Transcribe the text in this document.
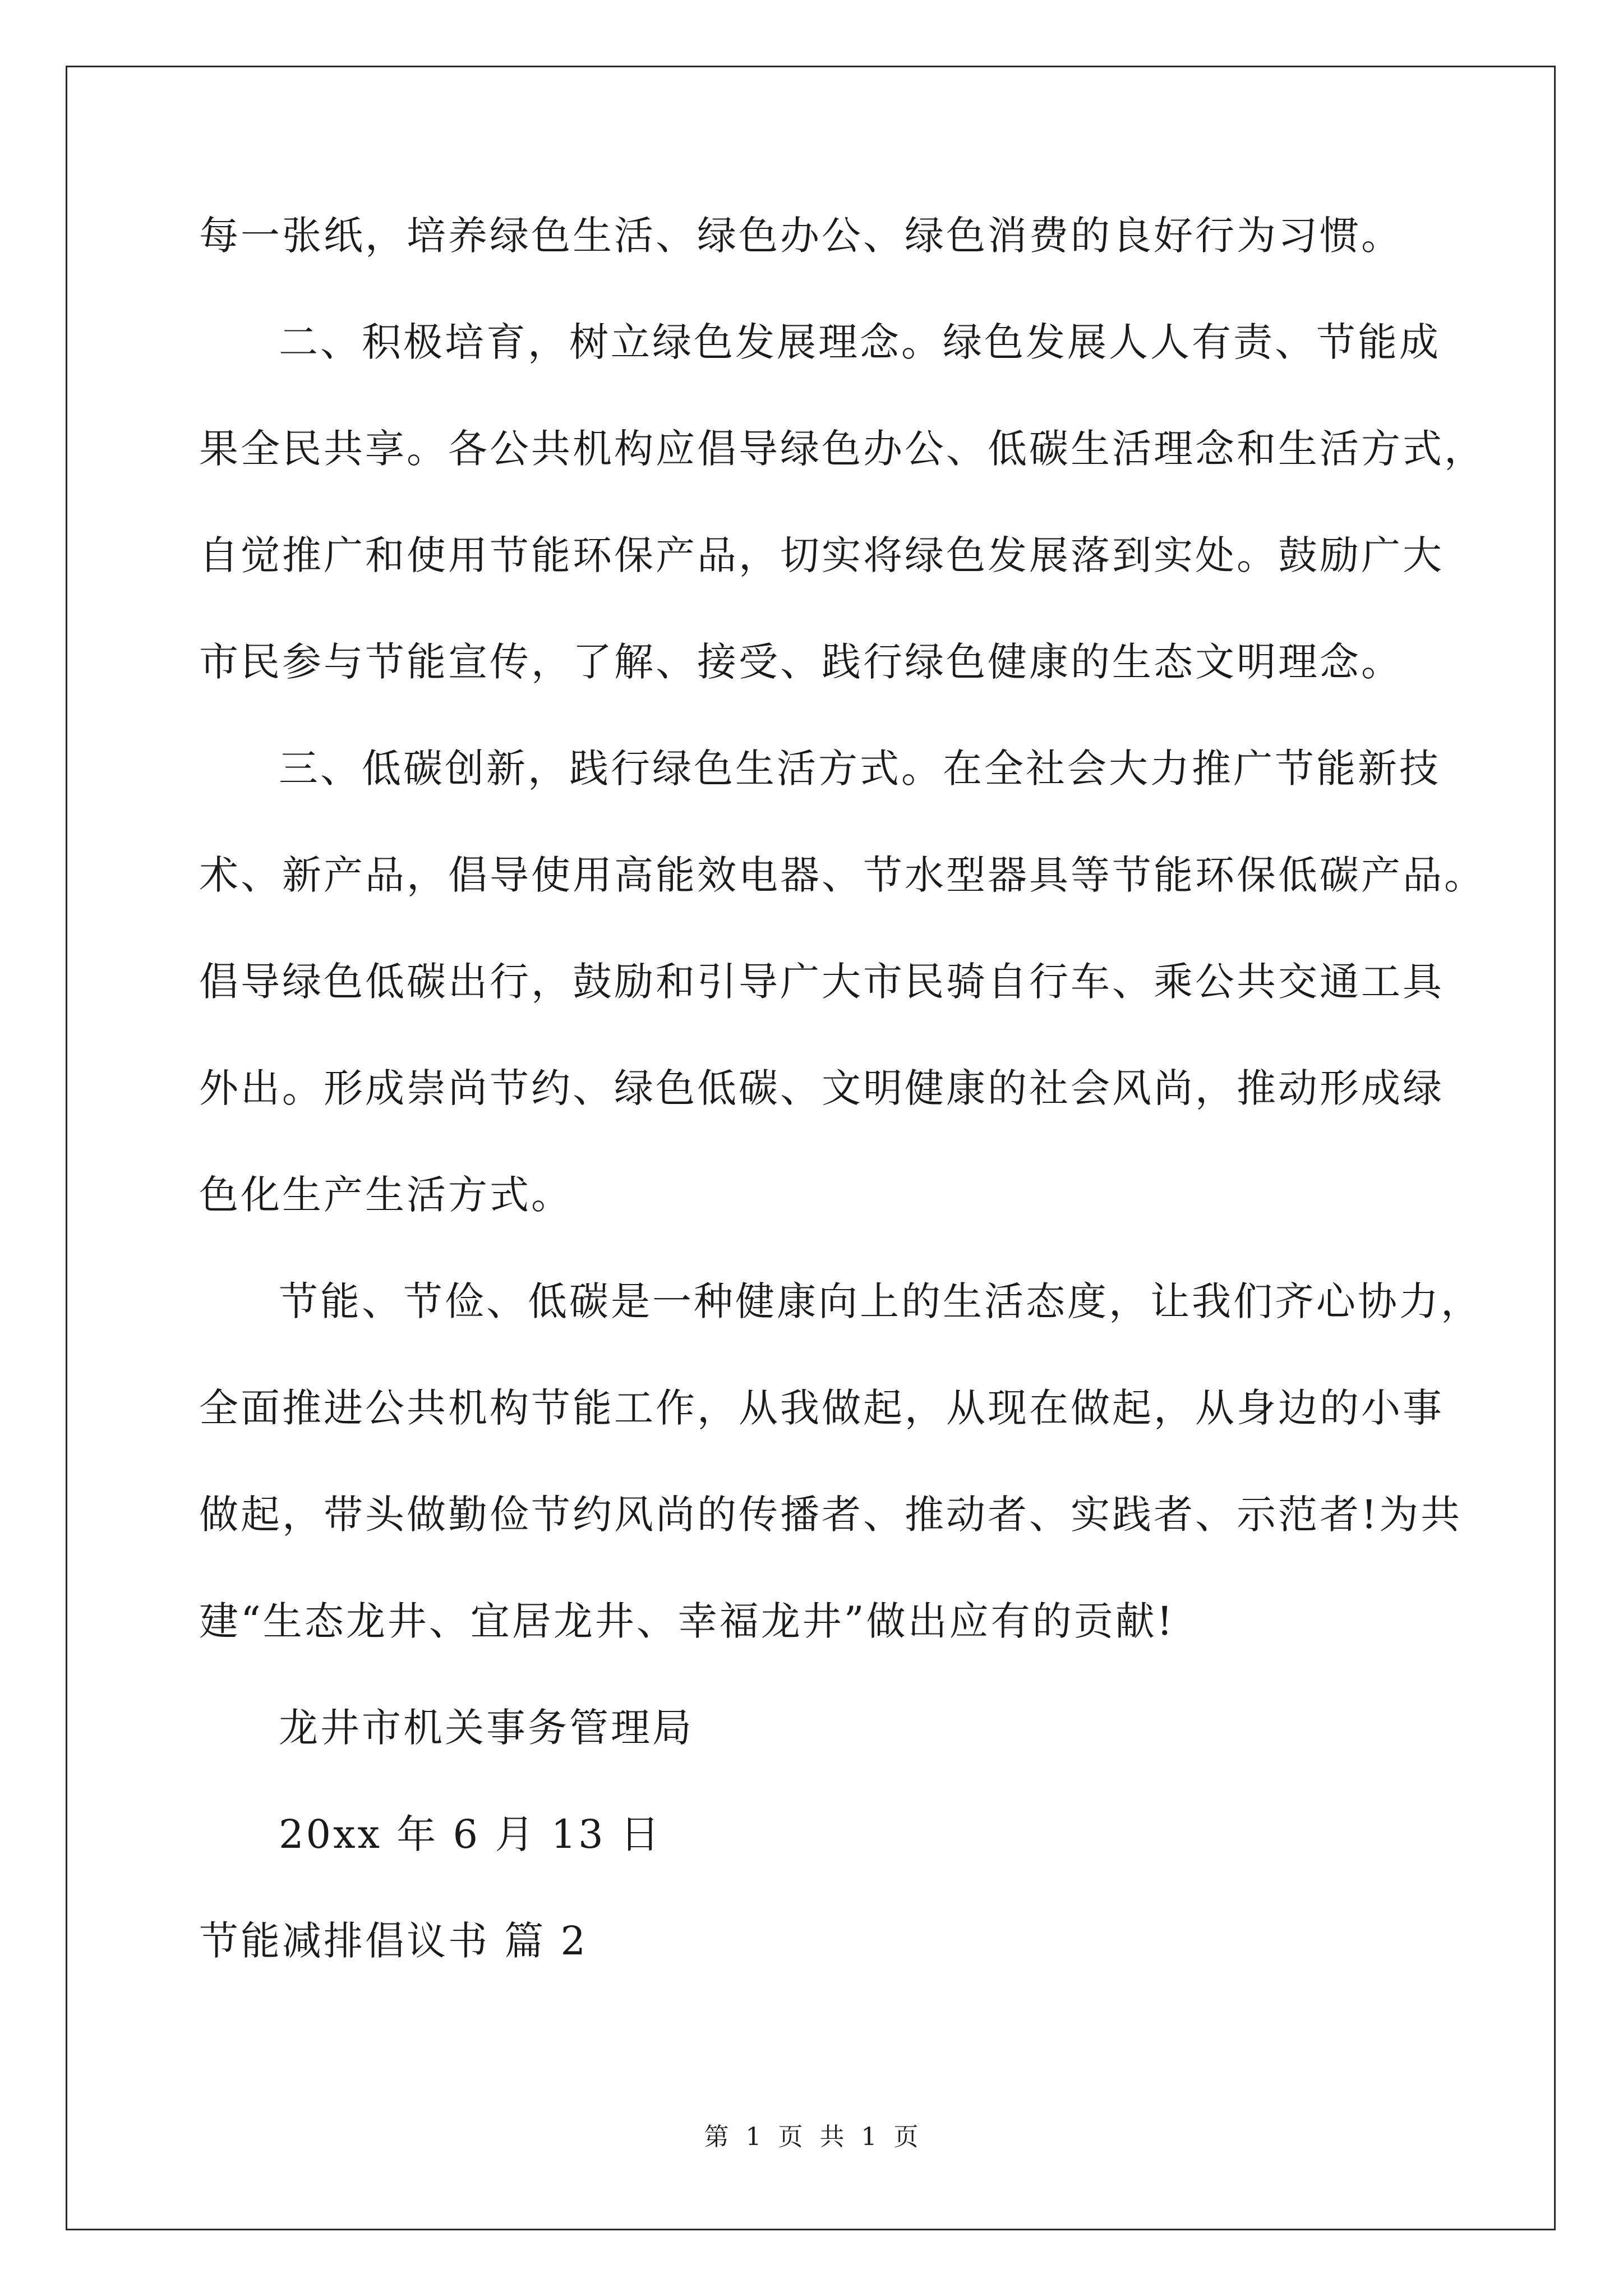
每一张纸，培养绿色生活、绿色办公、绿色消费的良好行为习惯。
二、积极培育，树立绿色发展理念。绿色发展人人有责、节能成
果全民共享。各公共机构应倡导绿色办公、低碳生活理念和生活方式，
自觉推广和使用节能环保产品，切实将绿色发展落到实处。鼓励广大
市民参与节能宣传，了解、接受、践行绿色健康的生态文明理念。
三、低碳创新，践行绿色生活方式。在全社会大力推广节能新技
术、新产品，倡导使用高能效电器、节水型器具等节能环保低碳产品。
倡导绿色低碳出行，鼓励和引导广大市民骑自行车、乘公共交通工具
外出。形成崇尚节约、绿色低碳、文明健康的社会风尚，推动形成绿
色化生产生活方式。
节能、节俭、低碳是一种健康向上的生活态度，让我们齐心协力，
全面推进公共机构节能工作，从我做起，从现在做起，从身边的小事
做起，带头做勤俭节约风尚的传播者、推动者、实践者、示范者!为共
建“生态龙井、宜居龙井、幸福龙井”做出应有的贡献!
龙井市机关事务管理局
20xx 年 6 月 13 日
节能减排倡议书 篇 2
第 1 页 共 1 页
